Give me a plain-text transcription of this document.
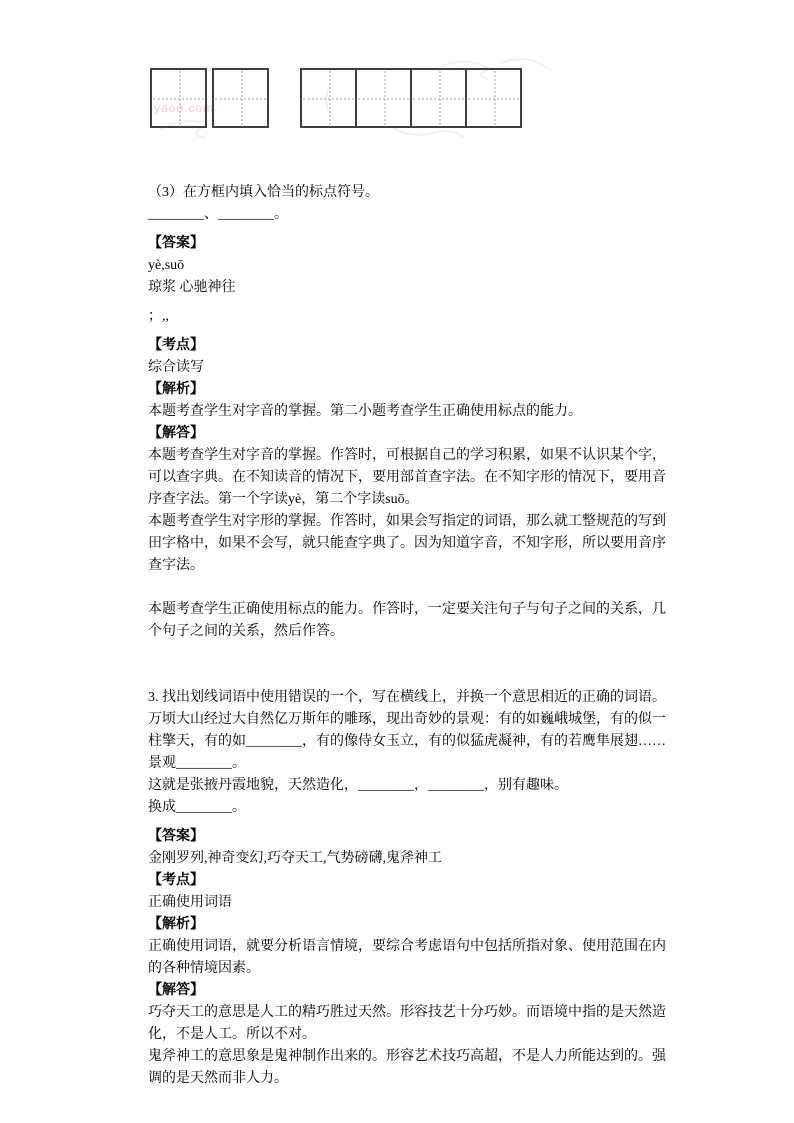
yaoo.com

（3）在方框内填入恰当的标点符号。

________、________。

【答案】

yè,suō

琼浆 心驰神往

；,,

【考点】

综合读写

【解析】

本题考查学生对字音的掌握。第二小题考查学生正确使用标点的能力。

【解答】

本题考查学生对字音的掌握。作答时，可根据自己的学习积累，如果不认识某个字，可以查字典。在不知读音的情况下，要用部首查字法。在不知字形的情况下，要用音序查字法。第一个字读yè，第二个字读suō。

本题考查学生对字形的掌握。作答时，如果会写指定的词语，那么就工整规范的写到田字格中，如果不会写，就只能查字典了。因为知道字音，不知字形，所以要用音序查字法。

本题考查学生正确使用标点的能力。作答时，一定要关注句子与句子之间的关系，几个句子之间的关系，然后作答。

3. 找出划线词语中使用错误的一个，写在横线上，并换一个意思相近的正确的词语。

万顷大山经过大自然亿万斯年的雕琢，现出奇妙的景观：有的如巍峨城堡，有的似一柱擎天，有的如________，有的像侍女玉立，有的似猛虎凝神，有的若鹰隼展翅……

景观________。

这就是张掖丹霞地貌，天然造化，________，________，别有趣味。

换成________。

【答案】

金刚罗列,神奇变幻,巧夺天工,气势磅礴,鬼斧神工

【考点】

正确使用词语

【解析】

正确使用词语，就要分析语言情境，要综合考虑语句中包括所指对象、使用范围在内的各种情境因素。

【解答】

巧夺天工的意思是人工的精巧胜过天然。形容技艺十分巧妙。而语境中指的是天然造化，不是人工。所以不对。

鬼斧神工的意思象是鬼神制作出来的。形容艺术技巧高超，不是人力所能达到的。强调的是天然而非人力。
